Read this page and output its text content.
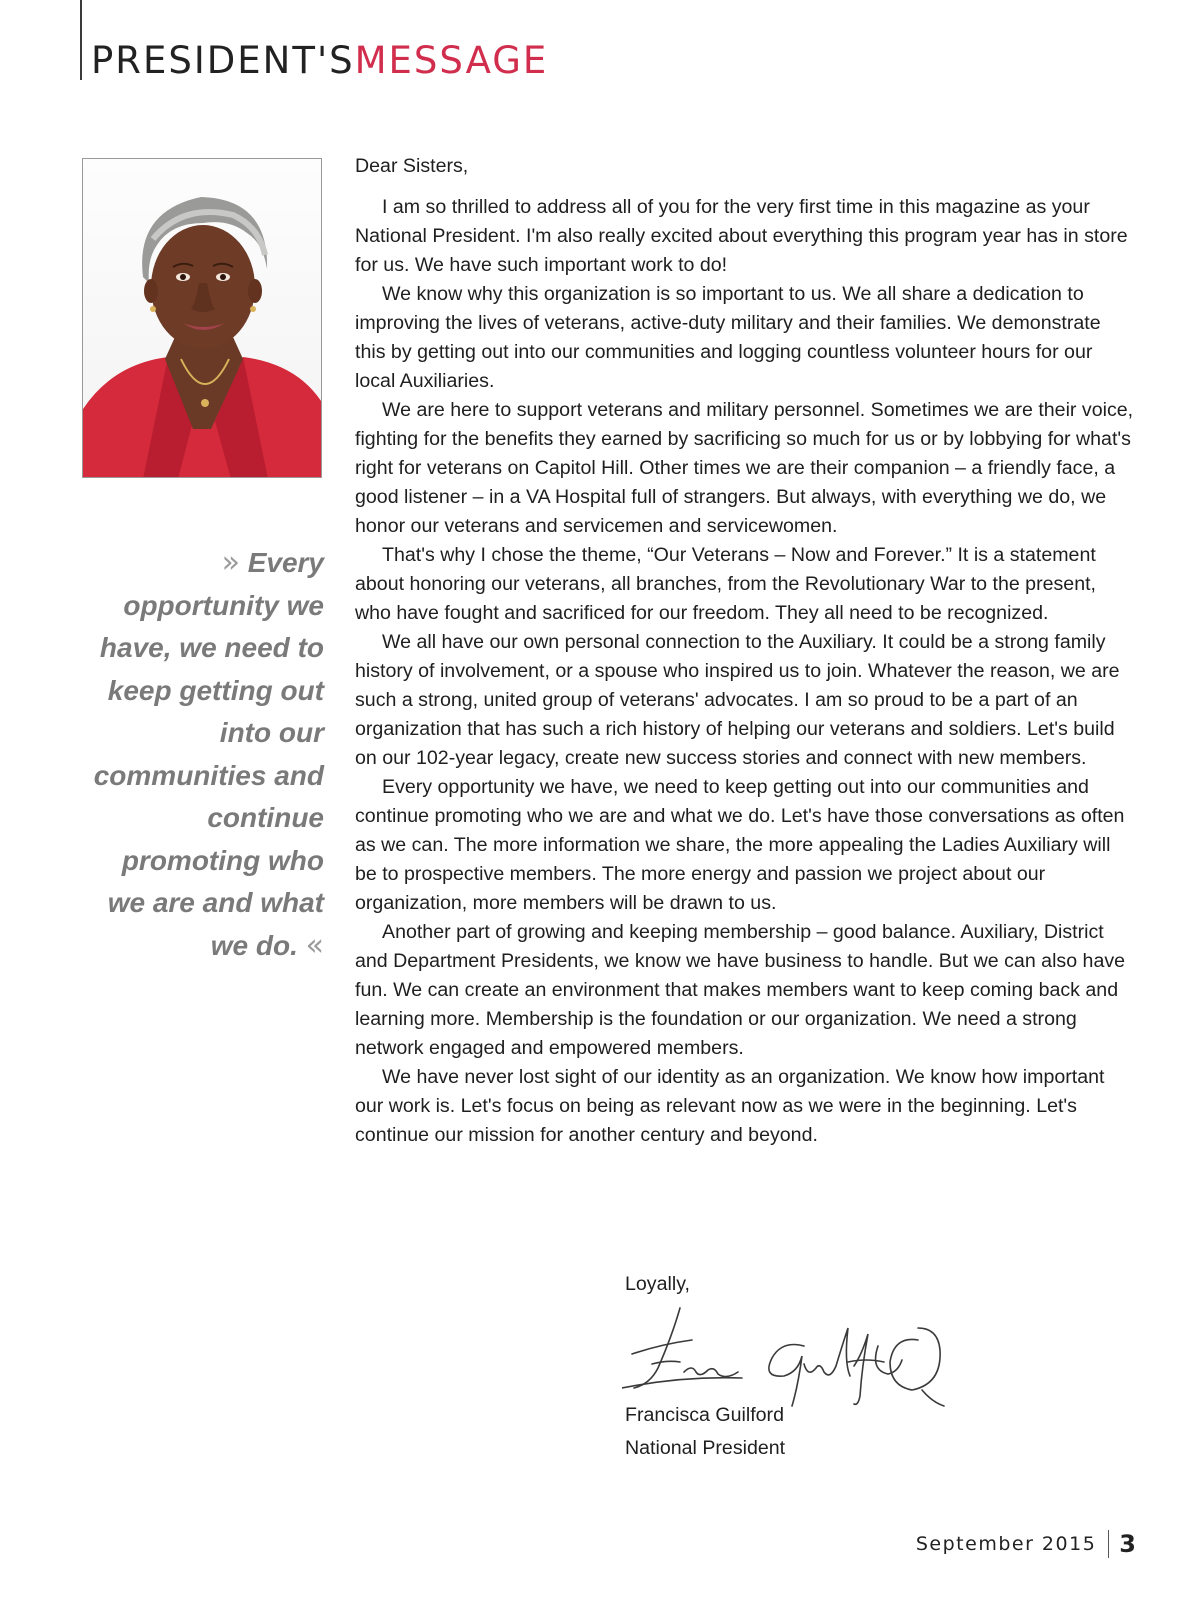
PRESIDENT'SMESSAGE
» Every opportunity we have, we need to keep getting out into our communities and continue promoting who we are and what we do. «

Dear Sisters,

I am so thrilled to address all of you for the very first time in this magazine as your National President. I'm also really excited about everything this program year has in store for us. We have such important work to do!

We know why this organization is so important to us. We all share a dedication to improving the lives of veterans, active-duty military and their families. We demonstrate this by getting out into our communities and logging countless volunteer hours for our local Auxiliaries.

We are here to support veterans and military personnel. Sometimes we are their voice, fighting for the benefits they earned by sacrificing so much for us or by lobbying for what's right for veterans on Capitol Hill. Other times we are their companion – a friendly face, a good listener – in a VA Hospital full of strangers. But always, with everything we do, we honor our veterans and servicemen and servicewomen.

That's why I chose the theme, “Our Veterans – Now and Forever.” It is a statement about honoring our veterans, all branches, from the Revolutionary War to the present, who have fought and sacrificed for our freedom. They all need to be recognized.

We all have our own personal connection to the Auxiliary. It could be a strong family history of involvement, or a spouse who inspired us to join. Whatever the reason, we are such a strong, united group of veterans' advocates. I am so proud to be a part of an organization that has such a rich history of helping our veterans and soldiers. Let's build on our 102-year legacy, create new success stories and connect with new members.

Every opportunity we have, we need to keep getting out into our communities and continue promoting who we are and what we do. Let's have those conversations as often as we can. The more information we share, the more appealing the Ladies Auxiliary will be to prospective members. The more energy and passion we project about our organization, more members will be drawn to us.

Another part of growing and keeping membership – good balance. Auxiliary, District and Department Presidents, we know we have business to handle. But we can also have fun. We can create an environment that makes members want to keep coming back and learning more. Membership is the foundation or our organization. We need a strong network engaged and empowered members.

We have never lost sight of our identity as an organization. We know how important our work is. Let's focus on being as relevant now as we were in the beginning. Let's continue our mission for another century and beyond.

Loyally,
Francisca Guilford
National President
September 2015 3
